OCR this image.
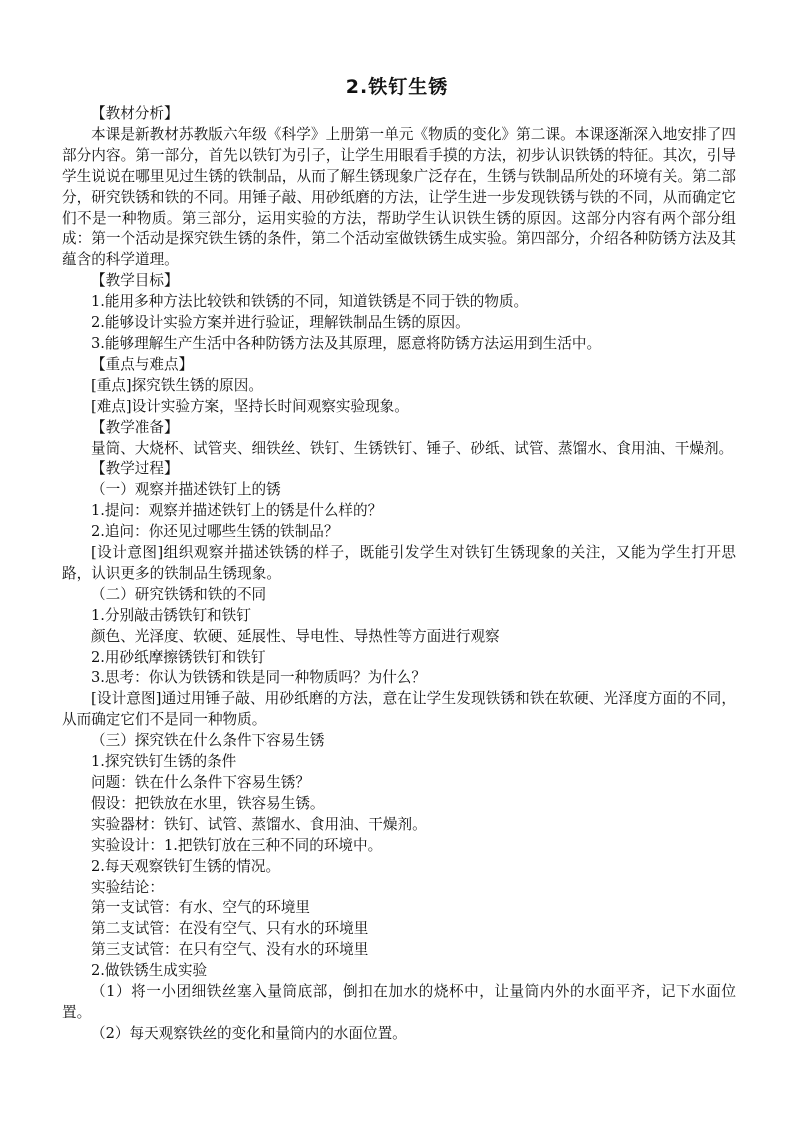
2.铁钉生锈

【教材分析】

本课是新教材苏教版六年级《科学》上册第一单元《物质的变化》第二课。本课逐渐深入地安排了四部分内容。第一部分，首先以铁钉为引子，让学生用眼看手摸的方法，初步认识铁锈的特征。其次，引导学生说说在哪里见过生锈的铁制品，从而了解生锈现象广泛存在，生锈与铁制品所处的环境有关。第二部分，研究铁锈和铁的不同。用锤子敲、用砂纸磨的方法，让学生进一步发现铁锈与铁的不同，从而确定它们不是一种物质。第三部分，运用实验的方法，帮助学生认识铁生锈的原因。这部分内容有两个部分组成：第一个活动是探究铁生锈的条件，第二个活动室做铁锈生成实验。第四部分，介绍各种防锈方法及其蕴含的科学道理。

【教学目标】

1.能用多种方法比较铁和铁锈的不同，知道铁锈是不同于铁的物质。

2.能够设计实验方案并进行验证，理解铁制品生锈的原因。

3.能够理解生产生活中各种防锈方法及其原理，愿意将防锈方法运用到生活中。

【重点与难点】

[重点]探究铁生锈的原因。

[难点]设计实验方案，坚持长时间观察实验现象。

【教学准备】

量筒、大烧杯、试管夹、细铁丝、铁钉、生锈铁钉、锤子、砂纸、试管、蒸馏水、食用油、干燥剂。

【教学过程】

（一）观察并描述铁钉上的锈

1.提问：观察并描述铁钉上的锈是什么样的？

2.追问：你还见过哪些生锈的铁制品？

[设计意图]组织观察并描述铁锈的样子，既能引发学生对铁钉生锈现象的关注，又能为学生打开思路，认识更多的铁制品生锈现象。

（二）研究铁锈和铁的不同

1.分别敲击锈铁钉和铁钉

颜色、光泽度、软硬、延展性、导电性、导热性等方面进行观察

2.用砂纸摩擦锈铁钉和铁钉

3.思考：你认为铁锈和铁是同一种物质吗？为什么？

[设计意图]通过用锤子敲、用砂纸磨的方法，意在让学生发现铁锈和铁在软硬、光泽度方面的不同，从而确定它们不是同一种物质。

（三）探究铁在什么条件下容易生锈

1.探究铁钉生锈的条件

问题：铁在什么条件下容易生锈？

假设：把铁放在水里，铁容易生锈。

实验器材：铁钉、试管、蒸馏水、食用油、干燥剂。

实验设计：1.把铁钉放在三种不同的环境中。

2.每天观察铁钉生锈的情况。

实验结论：

第一支试管：有水、空气的环境里

第二支试管：在没有空气、只有水的环境里

第三支试管：在只有空气、没有水的环境里

2.做铁锈生成实验

（1）将一小团细铁丝塞入量筒底部，倒扣在加水的烧杯中，让量筒内外的水面平齐，记下水面位置。

（2）每天观察铁丝的变化和量筒内的水面位置。
